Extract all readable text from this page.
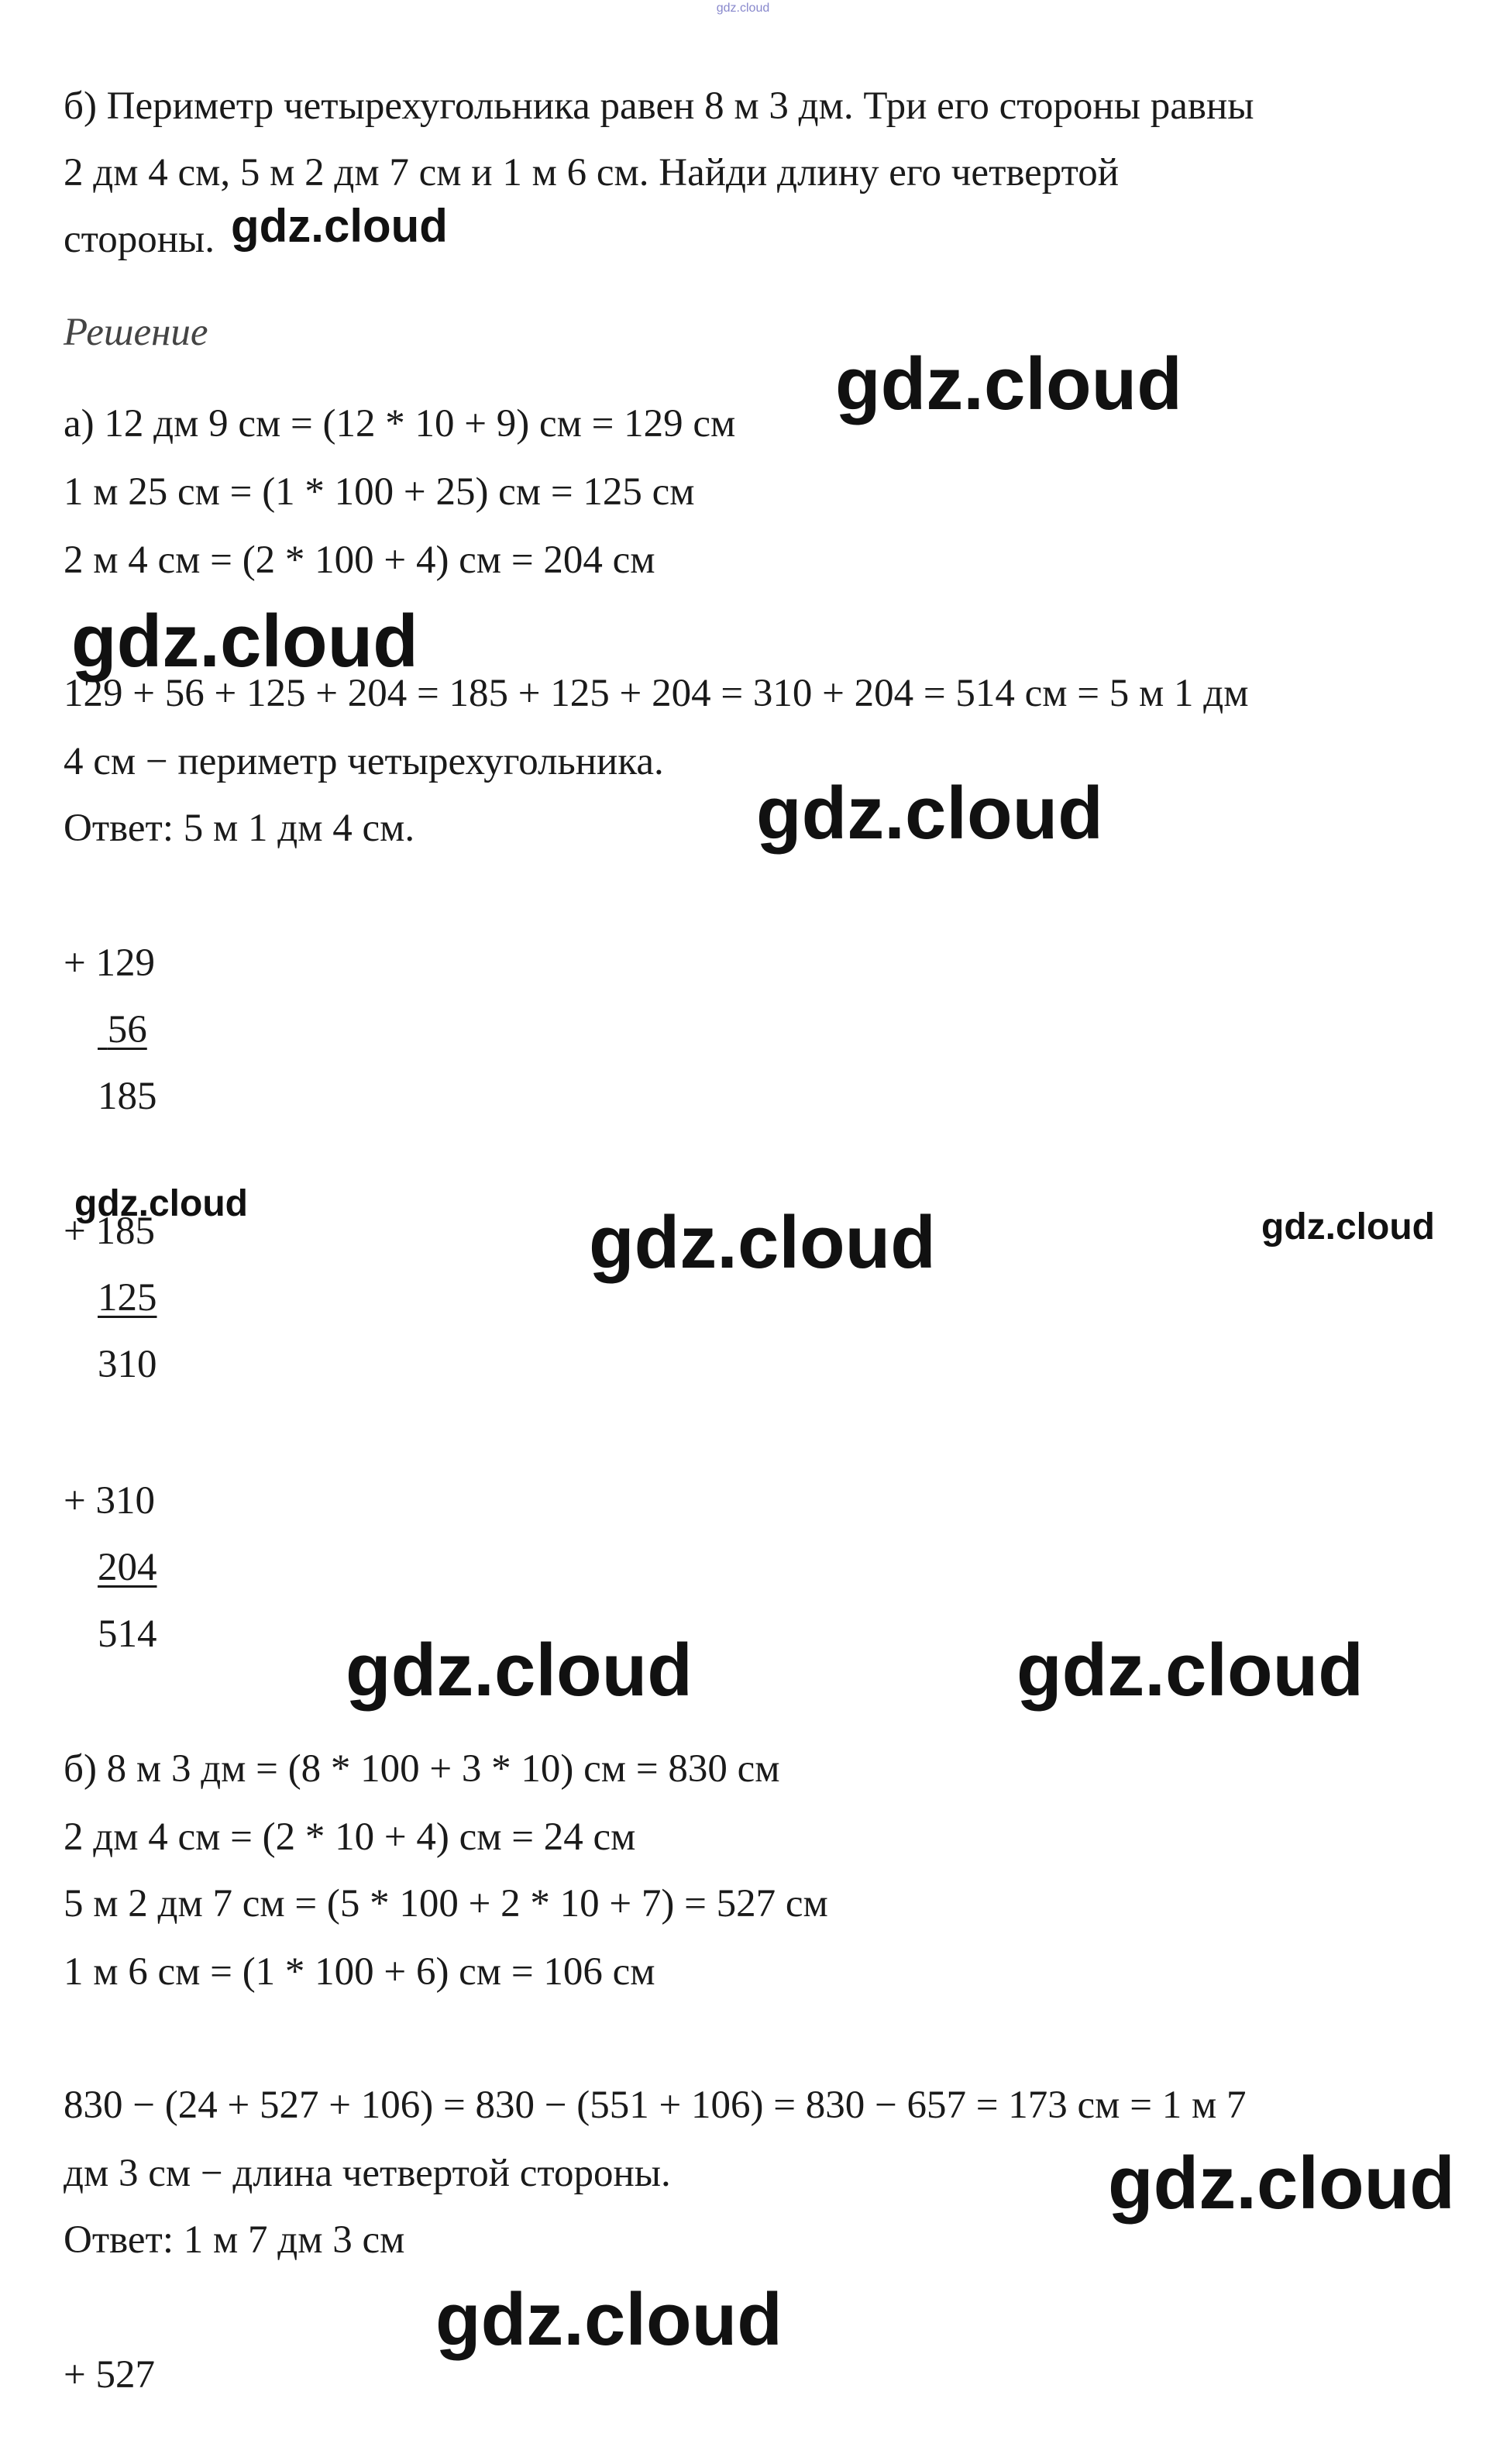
gdz.cloud
б) Периметр четырехугольника равен 8 м 3 дм. Три его стороны равны
2 дм 4 см, 5 м 2 дм 7 см и 1 м 6 см. Найди длину его четвертой
стороны.
Решение
а) 12 дм 9 см = (12 * 10 + 9) см = 129 см
1 м 25 см = (1 * 100 + 25) см = 125 см
2 м 4 см = (2 * 100 + 4) см = 204 см
129 + 56 + 125 + 204 = 185 + 125 + 204 = 310 + 204 = 514 см = 5 м 1 дм
4 см − периметр четырехугольника.
Ответ: 5 м 1 дм 4 см.
+ 129
56
185
+ 185
125
310
+ 310
204
514
б) 8 м 3 дм = (8 * 100 + 3 * 10) см = 830 см
2 дм 4 см = (2 * 10 + 4) см = 24 см
5 м 2 дм 7 см = (5 * 100 + 2 * 10 + 7) = 527 см
1 м 6 см = (1 * 100 + 6) см = 106 см
830 − (24 + 527 + 106) = 830 − (551 + 106) = 830 − 657 = 173 см = 1 м 7
дм 3 см − длина четвертой стороны.
Ответ: 1 м 7 дм 3 см
+ 527
gdz.cloud
gdz.cloud
gdz.cloud
gdz.cloud
gdz.cloud	gdz.cloud	gdz.cloud
gdz.cloud	gdz.cloud
gdz.cloud
gdz.cloud
